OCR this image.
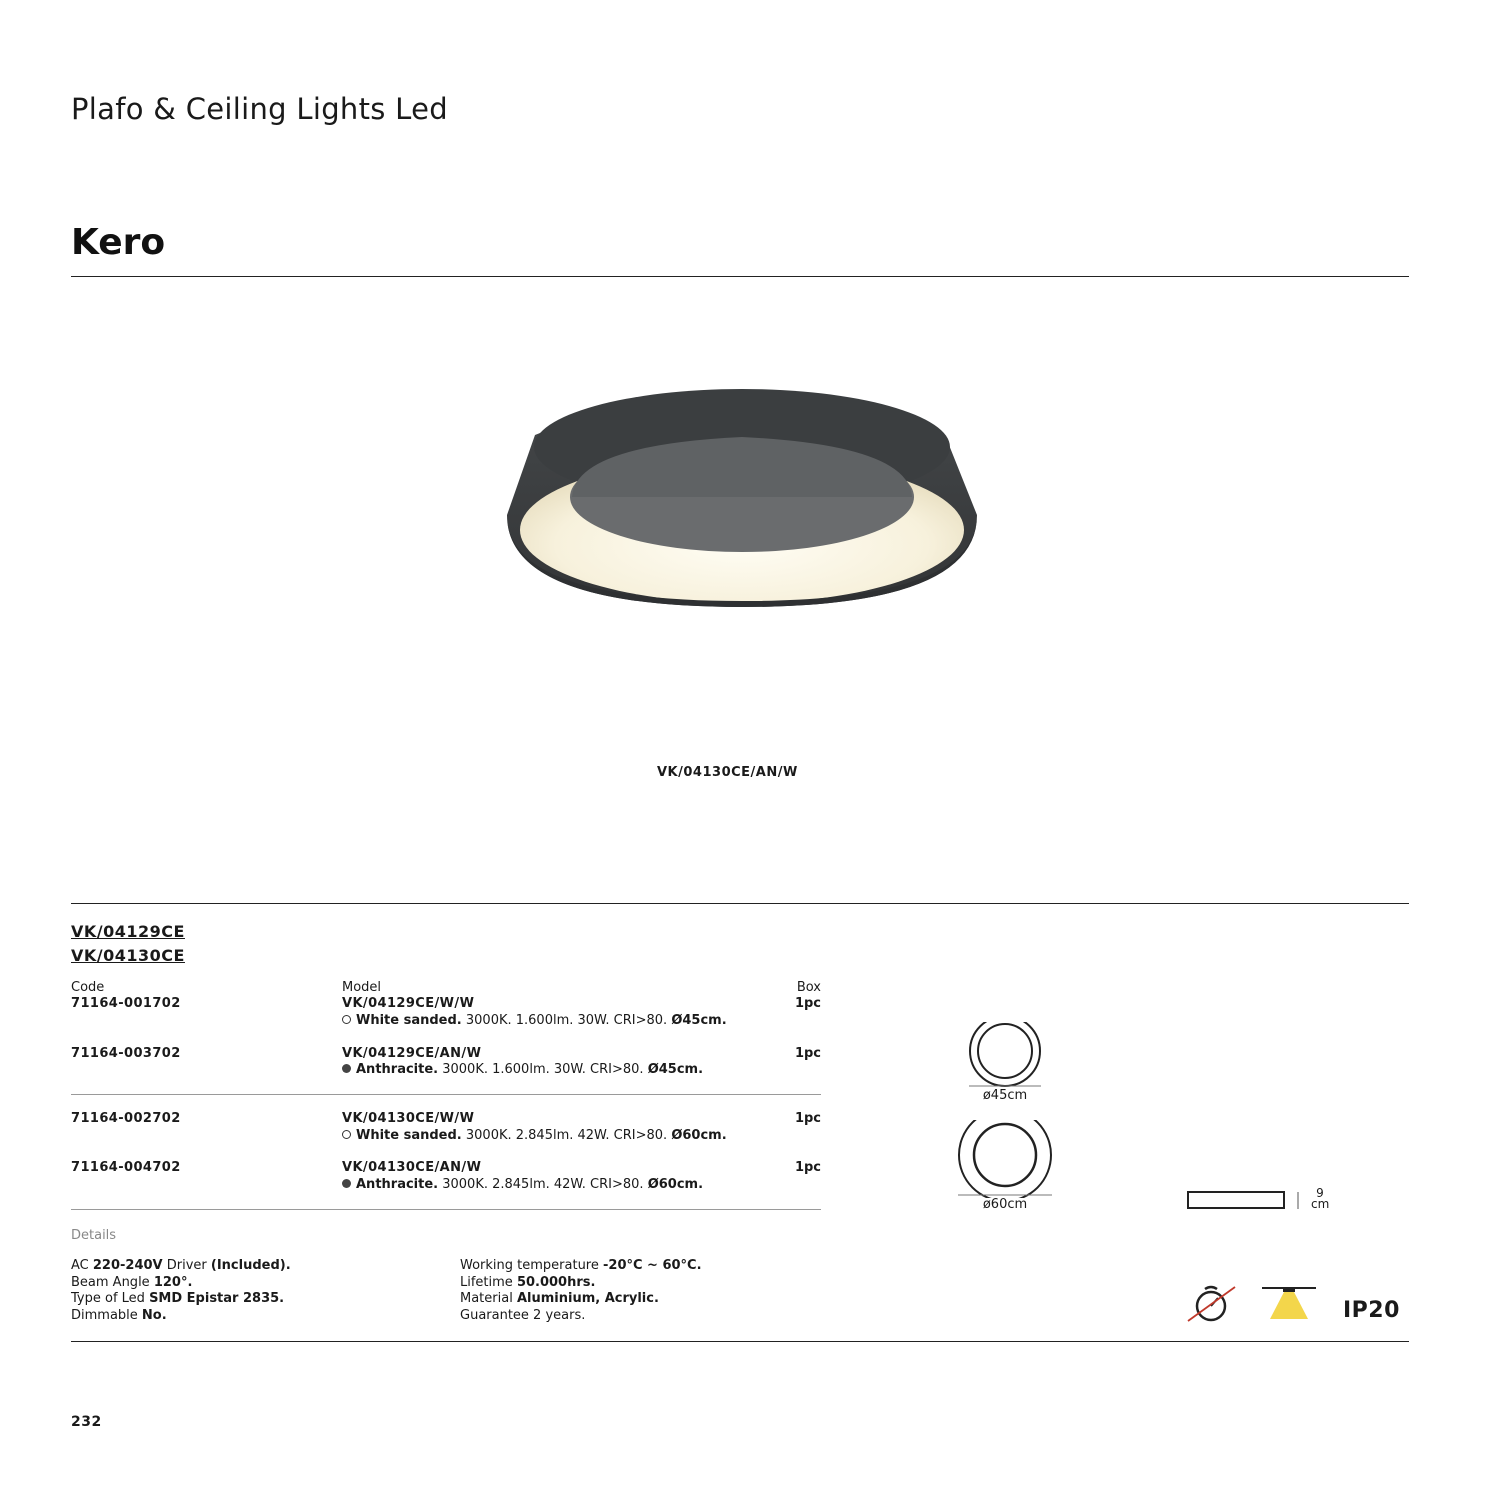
Plafo & Ceiling Lights Led
Kero
VK/04130CE/AN/W
VK/04129CE
VK/04130CE
Code	Model	Box
71164-001702	VK/04129CE/W/W	1pc
White sanded. 3000K. 1.600lm. 30W. CRI>80. Ø45cm.
71164-003702	VK/04129CE/AN/W	1pc
Anthracite. 3000K. 1.600lm. 30W. CRI>80. Ø45cm.
71164-002702	VK/04130CE/W/W	1pc
White sanded. 3000K. 2.845lm. 42W. CRI>80. Ø60cm.
71164-004702	VK/04130CE/AN/W	1pc
Anthracite. 3000K. 2.845lm. 42W. CRI>80. Ø60cm.
ø45cm
ø60cm
9
cm
Details
AC 220-240V Driver (Included).
Beam Angle 120°.
Type of Led SMD Epistar 2835.
Dimmable No.
Working temperature -20°C ~ 60°C.
Lifetime 50.000hrs.
Material Aluminium, Acrylic.
Guarantee 2 years.	IP20
232
